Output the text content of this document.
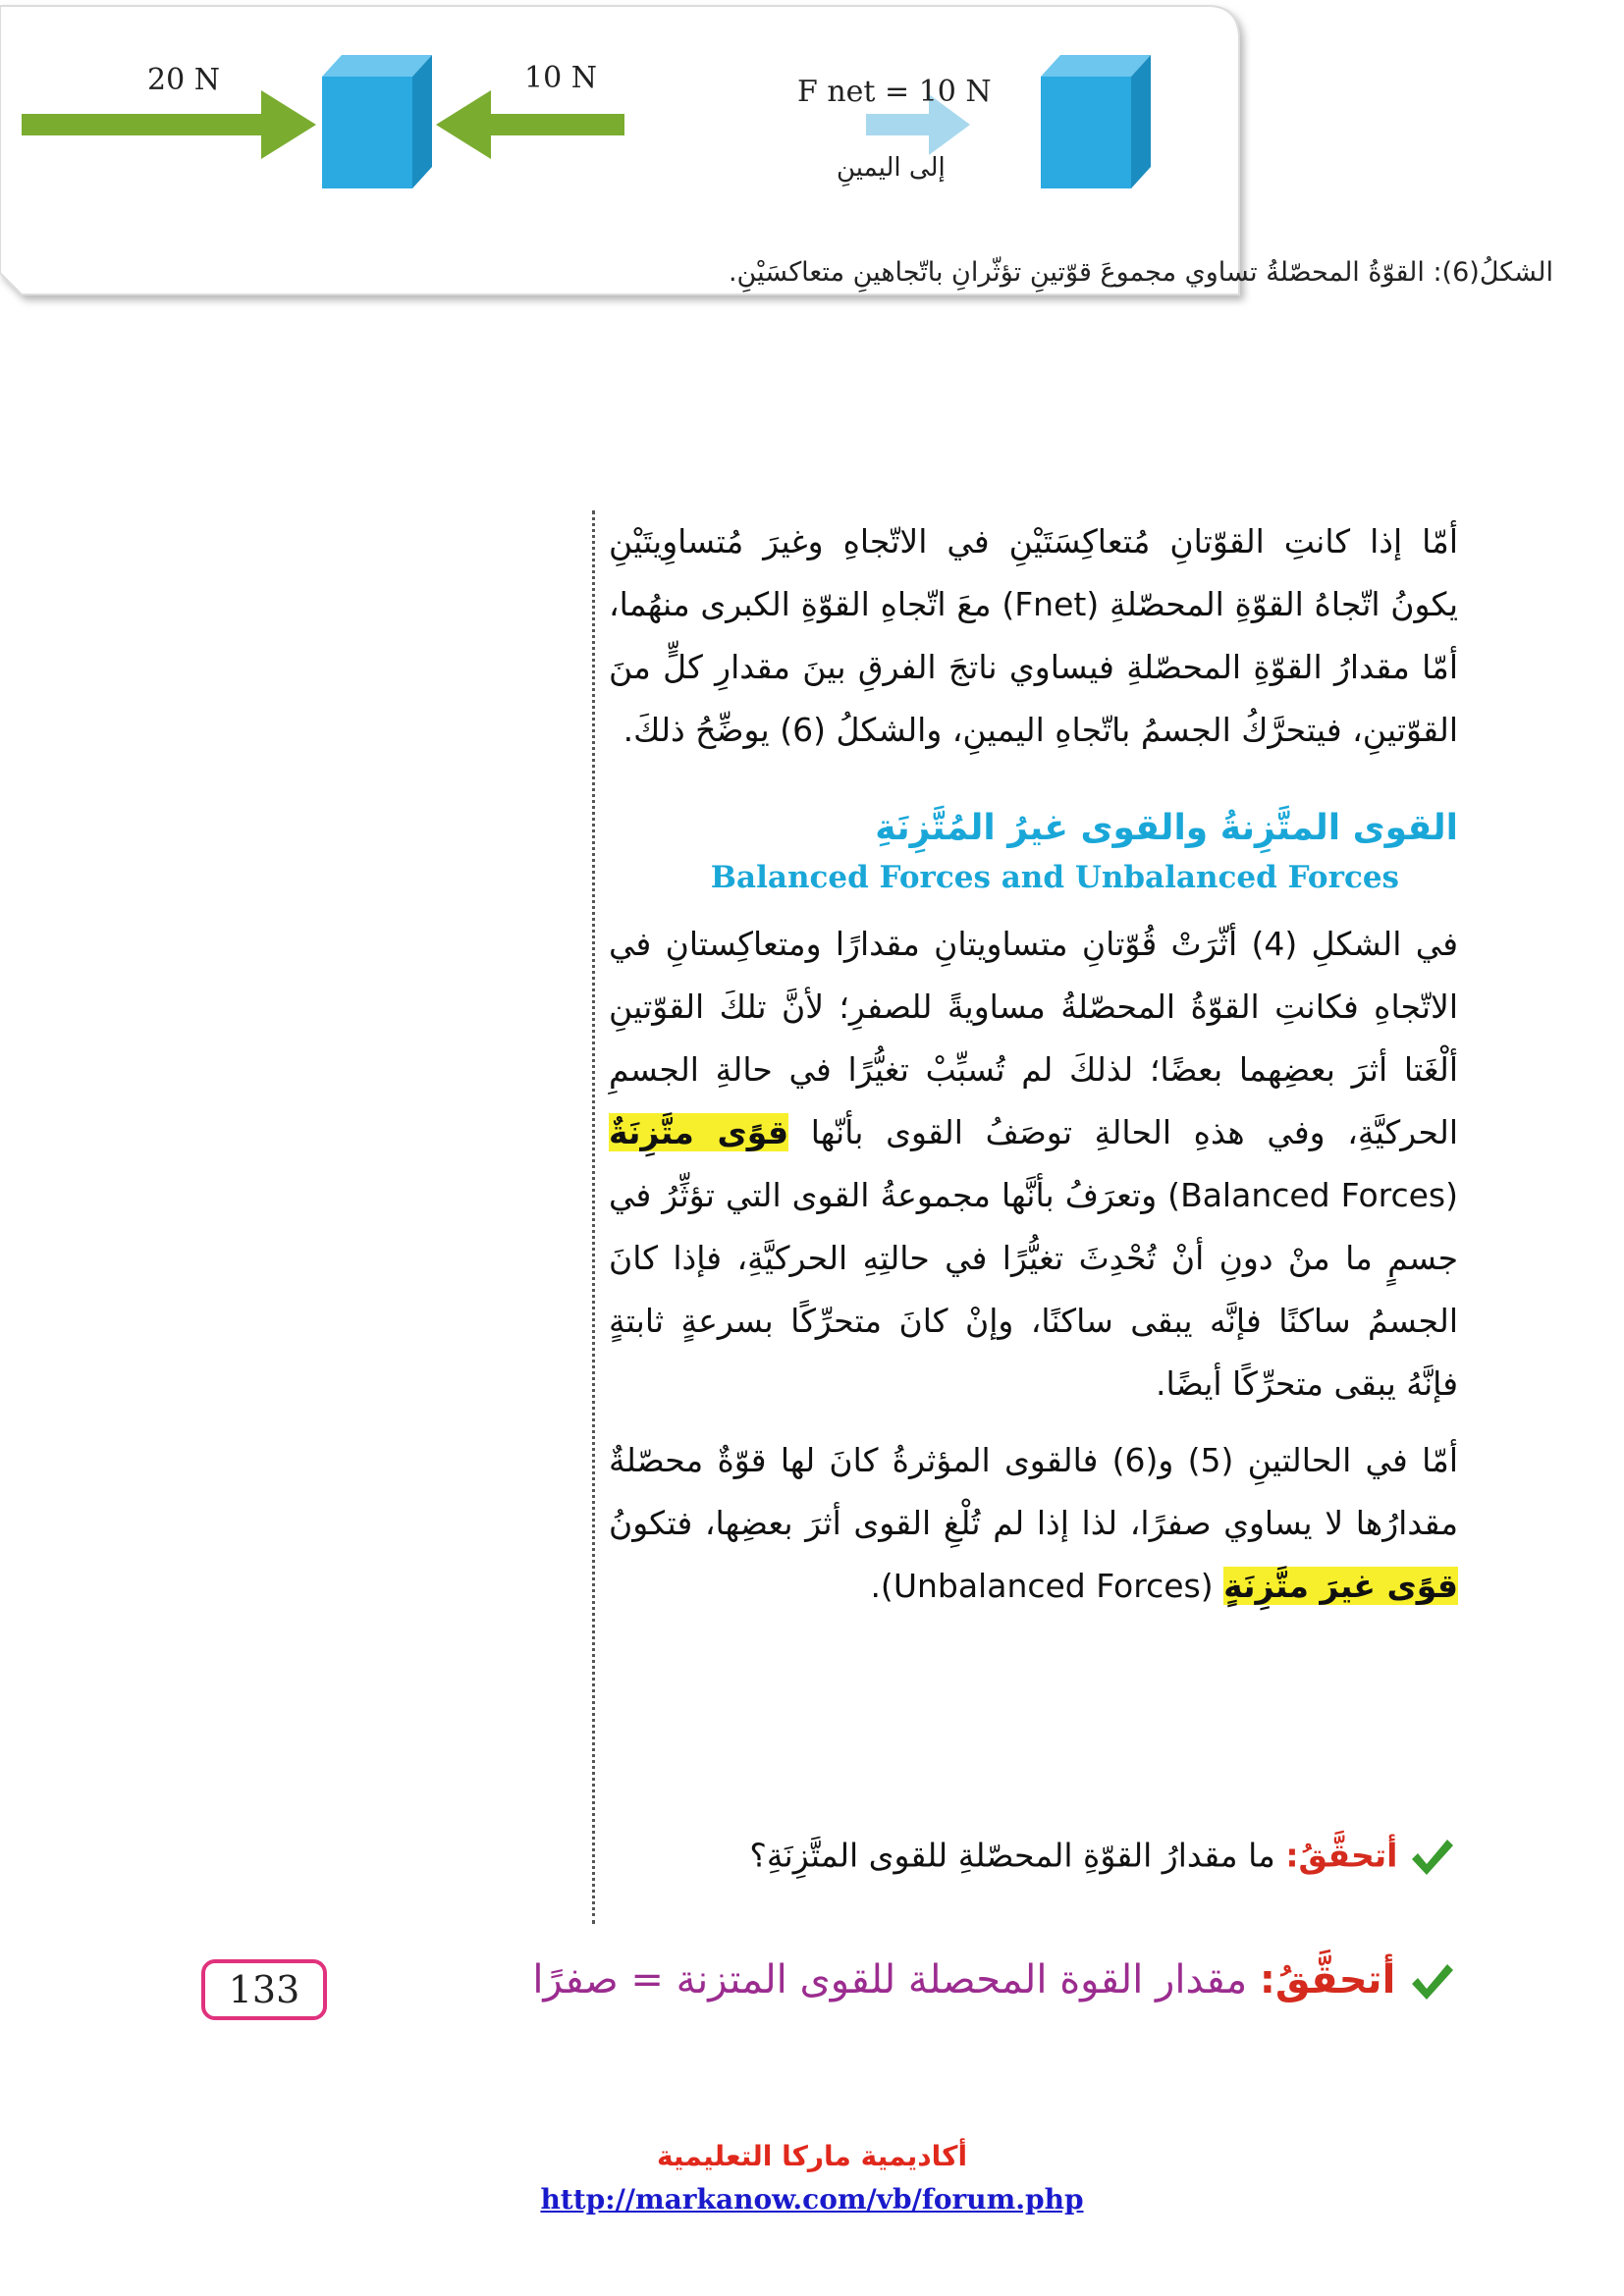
20 N	10 N	F net = 10 N
إلى اليمينِ
الشكلُ(6): القوّةُ المحصّلةُ تساوي مجموعَ قوّتينِ تؤثّرانِ باتّجاهينِ متعاكسَيْنِ.

أمّا إذا كانتِ القوّتانِ مُتعاكِسَتَيْنِ في الاتّجاهِ وغيرَ مُتساوِيتَيْنِ يكونُ اتّجاهُ القوّةِ المحصّلةِ (Fnet) معَ اتّجاهِ القوّةِ الكبرى منهُما، أمّا مقدارُ القوّةِ المحصّلةِ فيساوي ناتجَ الفرقِ بينَ مقدارِ كلٍّ منَ القوّتينِ، فيتحرَّكُ الجسمُ باتّجاهِ اليمينِ، والشكلُ (6) يوضِّحُ ذلكَ.

القوى المتَّزِنةُ والقوى غيرُ المُتَّزِنَةِ
Balanced Forces and Unbalanced Forces

في الشكلِ (4) أثّرَتْ قُوّتانِ متساويتانِ مقدارًا ومتعاكِستانِ في الاتّجاهِ فكانتِ القوّةُ المحصّلةُ مساويةً للصفرِ؛ لأنَّ تلكَ القوّتينِ ألْغَتا أثرَ بعضِهما بعضًا؛ لذلكَ لم تُسبِّبْ تغيُّرًا في حالةِ الجسمِ الحركيَّةِ، وفي هذهِ الحالةِ توصَفُ القوى بأنّها قوًى متَّزِنَةٌ (Balanced Forces) وتعرَفُ بأنَّها مجموعةُ القوى التي تؤثِّرُ في جسمٍ ما منْ دونِ أنْ تُحْدِثَ تغيُّرًا في حالتِهِ الحركيَّةِ، فإذا كانَ الجسمُ ساكنًا فإنَّه يبقى ساكنًا، وإنْ كانَ متحرِّكًا بسرعةٍ ثابتةٍ فإنَّهُ يبقى متحرِّكًا أيضًا.

أمّا في الحالتينِ (5) و(6) فالقوى المؤثرةُ كانَ لها قوّةٌ محصّلةٌ مقدارُها لا يساوي صفرًا، لذا إذا لم تُلْغِ القوى أثرَ بعضِها، فتكونُ قوًى غيرَ متَّزِنَةٍ (Unbalanced Forces).

أتحقَّقُ: ما مقدارُ القوّةِ المحصّلةِ للقوى المتَّزِنَةِ؟
133	أتحقَّقُ: مقدار القوة المحصلة للقوى المتزنة = صفرًا
أكاديمية ماركا التعليمية
http://markanow.com/vb/forum.php
